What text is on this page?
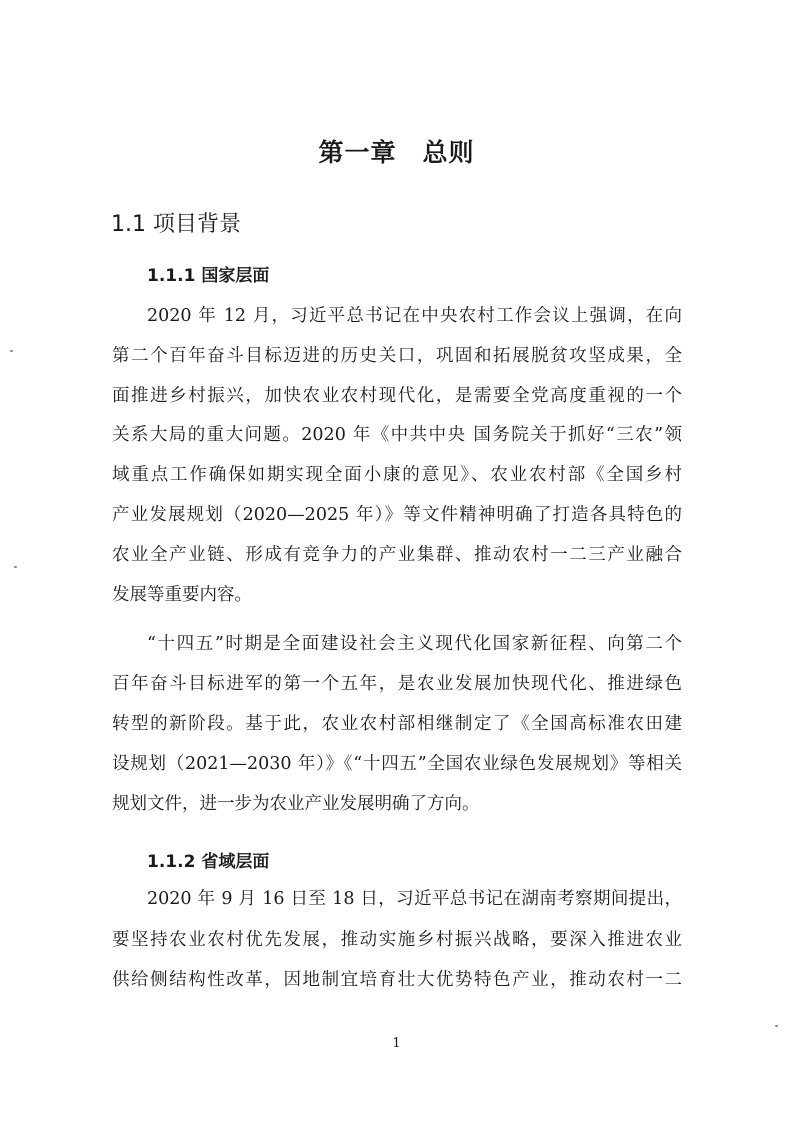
第一章　总则
1.1 项目背景
1.1.1 国家层面
2020 年 12 月，习近平总书记在中央农村工作会议上强调，在向
第二个百年奋斗目标迈进的历史关口，巩固和拓展脱贫攻坚成果，全
面推进乡村振兴，加快农业农村现代化，是需要全党高度重视的一个
关系大局的重大问题。2020 年《中共中央 国务院关于抓好“三农”领
域重点工作确保如期实现全面小康的意见》、农业农村部《全国乡村
产业发展规划（2020—2025 年）》等文件精神明确了打造各具特色的
农业全产业链、形成有竞争力的产业集群、推动农村一二三产业融合
发展等重要内容。
“十四五”时期是全面建设社会主义现代化国家新征程、向第二个
百年奋斗目标进军的第一个五年，是农业发展加快现代化、推进绿色
转型的新阶段。基于此，农业农村部相继制定了《全国高标准农田建
设规划（2021—2030 年）》《“十四五”全国农业绿色发展规划》等相关
规划文件，进一步为农业产业发展明确了方向。
1.1.2 省域层面
2020 年 9 月 16 日至 18 日，习近平总书记在湖南考察期间提出，
要坚持农业农村优先发展，推动实施乡村振兴战略，要深入推进农业
供给侧结构性改革，因地制宜培育壮大优势特色产业，推动农村一二
1
